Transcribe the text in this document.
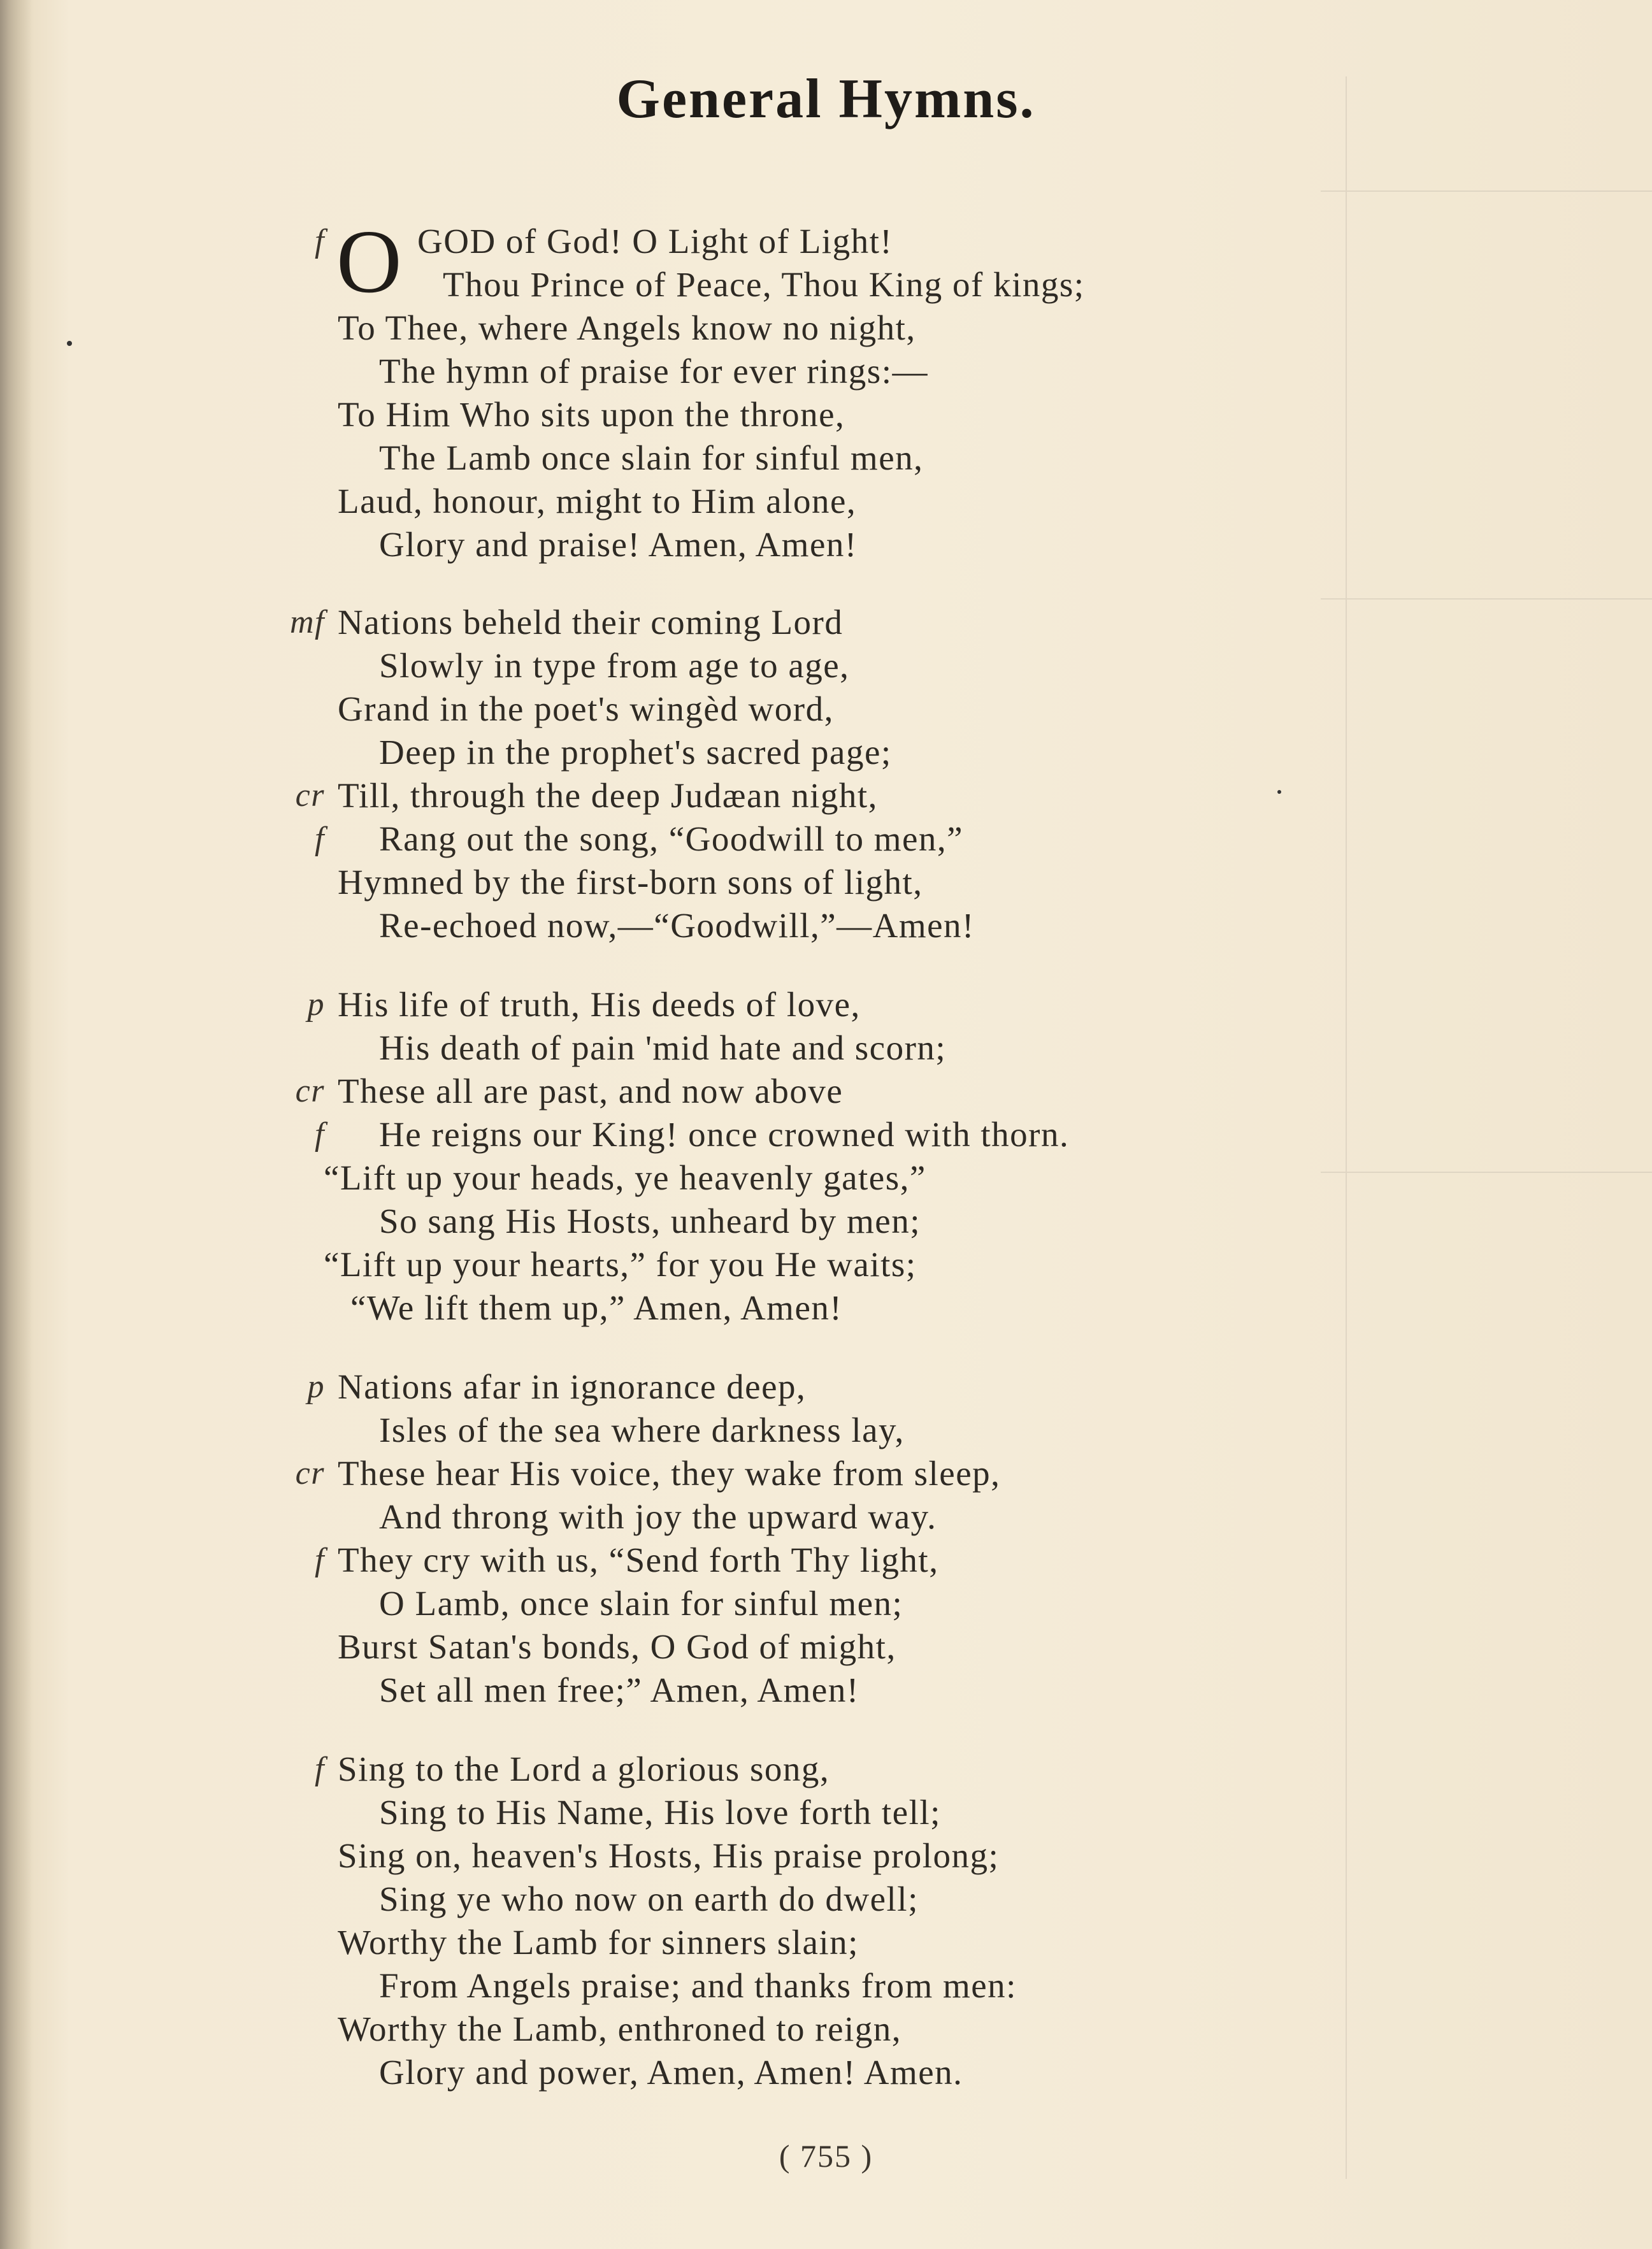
General Hymns.
f O GOD of God! O Light of Light!
Thou Prince of Peace, Thou King of kings;
To Thee, where Angels know no night,
The hymn of praise for ever rings:—
To Him Who sits upon the throne,
The Lamb once slain for sinful men,
Laud, honour, might to Him alone,
Glory and praise! Amen, Amen!
mf Nations beheld their coming Lord
Slowly in type from age to age,
Grand in the poet's wingèd word,
Deep in the prophet's sacred page;
cr Till, through the deep Judæan night,
f Rang out the song, “Goodwill to men,”
Hymned by the first-born sons of light,
Re-echoed now,—“Goodwill,”—Amen!
p His life of truth, His deeds of love,
His death of pain 'mid hate and scorn;
cr These all are past, and now above
f He reigns our King! once crowned with thorn.
“Lift up your heads, ye heavenly gates,”
So sang His Hosts, unheard by men;
“Lift up your hearts,” for you He waits;
“We lift them up,” Amen, Amen!
p Nations afar in ignorance deep,
Isles of the sea where darkness lay,
cr These hear His voice, they wake from sleep,
And throng with joy the upward way.
f They cry with us, “Send forth Thy light,
O Lamb, once slain for sinful men;
Burst Satan's bonds, O God of might,
Set all men free;” Amen, Amen!
f Sing to the Lord a glorious song,
Sing to His Name, His love forth tell;
Sing on, heaven's Hosts, His praise prolong;
Sing ye who now on earth do dwell;
Worthy the Lamb for sinners slain;
From Angels praise; and thanks from men:
Worthy the Lamb, enthroned to reign,
Glory and power, Amen, Amen! Amen.
( 755 )
